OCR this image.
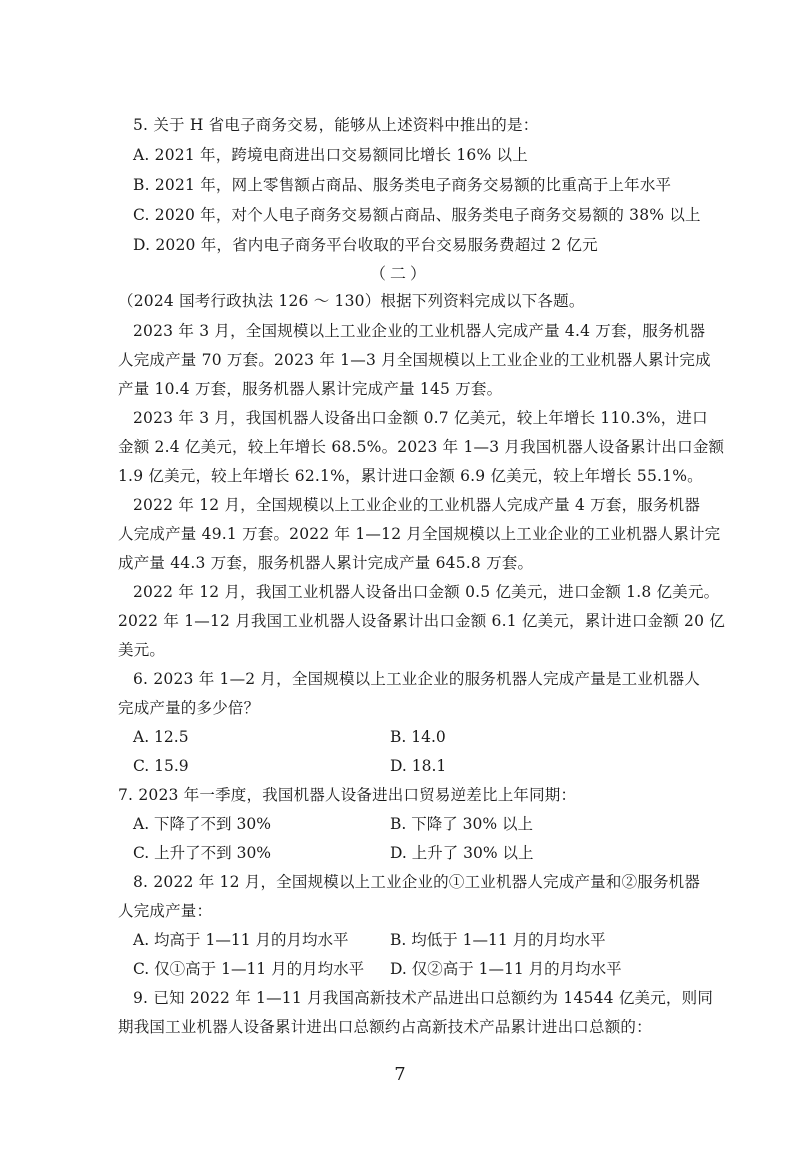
5. 关于 H 省电子商务交易，能够从上述资料中推出的是：
A. 2021 年，跨境电商进出口交易额同比增长 16% 以上
B. 2021 年，网上零售额占商品、服务类电子商务交易额的比重高于上年水平
C. 2020 年，对个人电子商务交易额占商品、服务类电子商务交易额的 38% 以上
D. 2020 年，省内电子商务平台收取的平台交易服务费超过 2 亿元
（二）
（2024 国考行政执法 126 ～ 130）根据下列资料完成以下各题。
2023 年 3 月，全国规模以上工业企业的工业机器人完成产量 4.4 万套，服务机器
人完成产量 70 万套。2023 年 1—3 月全国规模以上工业企业的工业机器人累计完成
产量 10.4 万套，服务机器人累计完成产量 145 万套。
2023 年 3 月，我国机器人设备出口金额 0.7 亿美元，较上年增长 110.3%，进口
金额 2.4 亿美元，较上年增长 68.5%。2023 年 1—3 月我国机器人设备累计出口金额
1.9 亿美元，较上年增长 62.1%，累计进口金额 6.9 亿美元，较上年增长 55.1%。
2022 年 12 月，全国规模以上工业企业的工业机器人完成产量 4 万套，服务机器
人完成产量 49.1 万套。2022 年 1—12 月全国规模以上工业企业的工业机器人累计完
成产量 44.3 万套，服务机器人累计完成产量 645.8 万套。
2022 年 12 月，我国工业机器人设备出口金额 0.5 亿美元，进口金额 1.8 亿美元。
2022 年 1—12 月我国工业机器人设备累计出口金额 6.1 亿美元，累计进口金额 20 亿
美元。
6. 2023 年 1—2 月，全国规模以上工业企业的服务机器人完成产量是工业机器人
完成产量的多少倍？
A. 12.5	B. 14.0
C. 15.9	D. 18.1
7. 2023 年一季度，我国机器人设备进出口贸易逆差比上年同期：
A. 下降了不到 30%	B. 下降了 30% 以上
C. 上升了不到 30%	D. 上升了 30% 以上
8. 2022 年 12 月，全国规模以上工业企业的①工业机器人完成产量和②服务机器
人完成产量：
A. 均高于 1—11 月的月均水平	B. 均低于 1—11 月的月均水平
C. 仅①高于 1—11 月的月均水平 D. 仅②高于 1—11 月的月均水平
9. 已知 2022 年 1—11 月我国高新技术产品进出口总额约为 14544 亿美元，则同
期我国工业机器人设备累计进出口总额约占高新技术产品累计进出口总额的：
7
